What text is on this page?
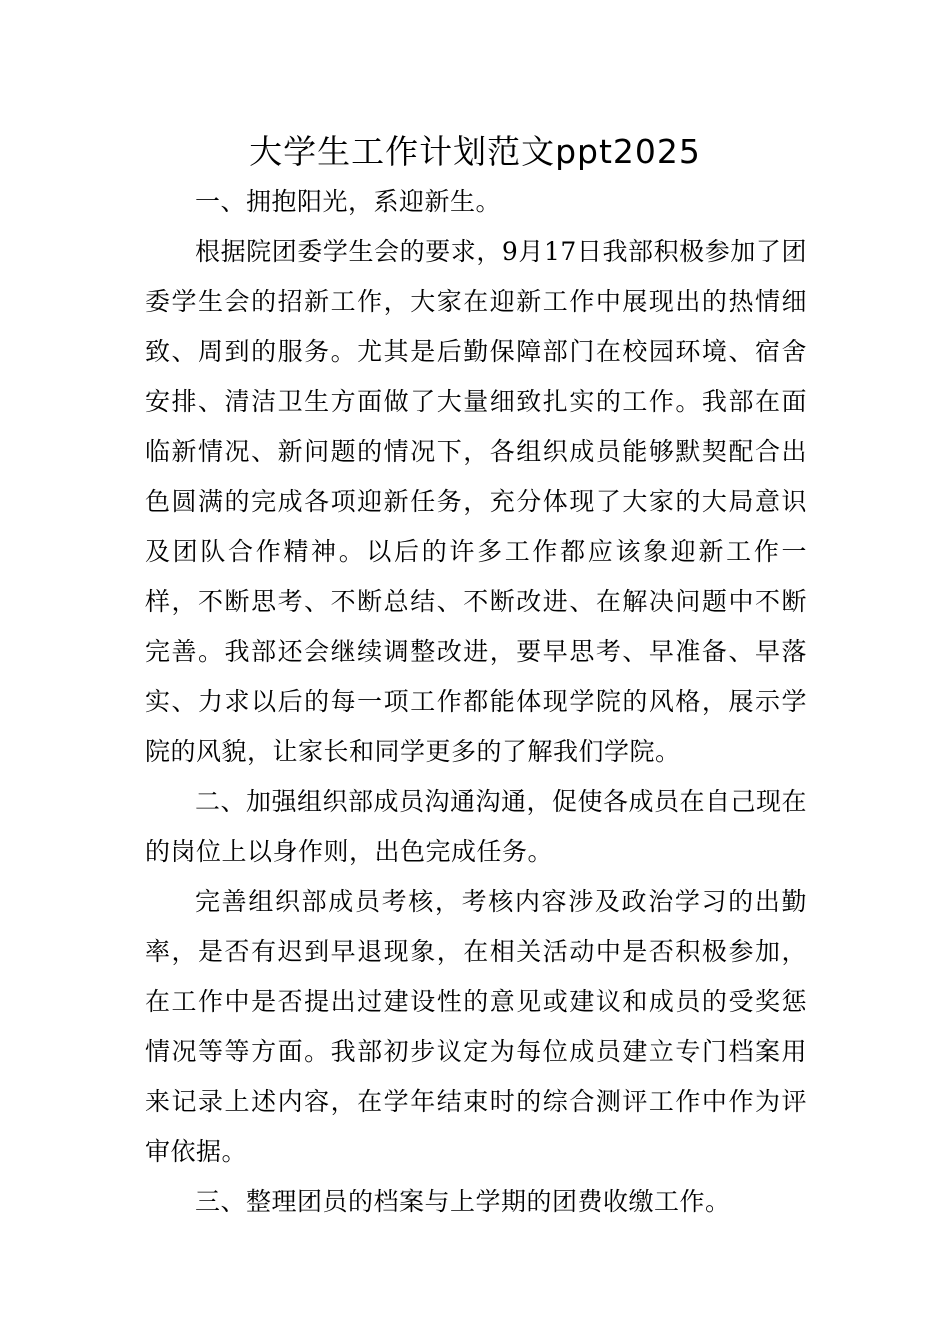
大学生工作计划范文ppt2025

一、拥抱阳光，系迎新生。

根据院团委学生会的要求，9月17日我部积极参加了团委学生会的招新工作，大家在迎新工作中展现出的热情细致、周到的服务。尤其是后勤保障部门在校园环境、宿舍安排、清洁卫生方面做了大量细致扎实的工作。我部在面临新情况、新问题的情况下，各组织成员能够默契配合出色圆满的完成各项迎新任务，充分体现了大家的大局意识及团队合作精神。以后的许多工作都应该象迎新工作一样，不断思考、不断总结、不断改进、在解决问题中不断完善。我部还会继续调整改进，要早思考、早准备、早落实、力求以后的每一项工作都能体现学院的风格，展示学院的风貌，让家长和同学更多的了解我们学院。

二、加强组织部成员沟通沟通，促使各成员在自己现在的岗位上以身作则，出色完成任务。

完善组织部成员考核，考核内容涉及政治学习的出勤率，是否有迟到早退现象，在相关活动中是否积极参加，在工作中是否提出过建设性的意见或建议和成员的受奖惩情况等等方面。我部初步议定为每位成员建立专门档案用来记录上述内容，在学年结束时的综合测评工作中作为评审依据。

三、整理团员的档案与上学期的团费收缴工作。
